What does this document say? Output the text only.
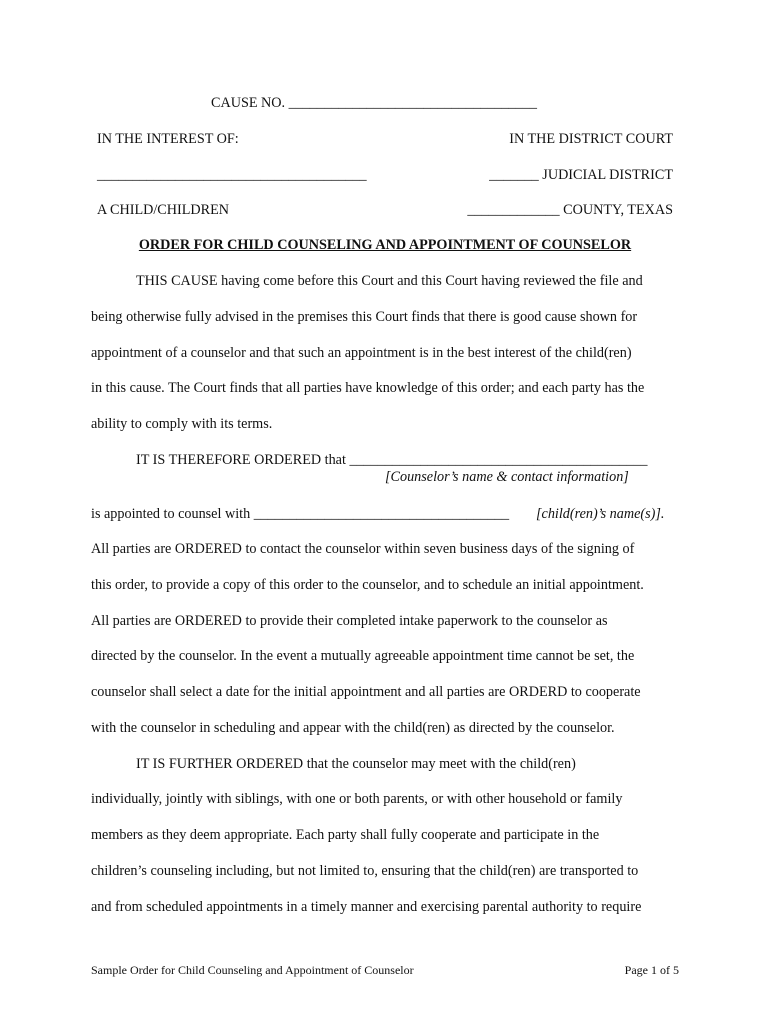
CAUSE NO. ___________________________________
IN THE INTEREST OF:	IN THE DISTRICT COURT
______________________________________	_______ JUDICIAL DISTRICT
A CHILD/CHILDREN	_____________ COUNTY, TEXAS
ORDER FOR CHILD COUNSELING AND APPOINTMENT OF COUNSELOR
THIS CAUSE having come before this Court and this Court having reviewed the file and
being otherwise fully advised in the premises this Court finds that there is good cause shown for
appointment of a counselor and that such an appointment is in the best interest of the child(ren)
in this cause. The Court finds that all parties have knowledge of this order; and each party has the
ability to comply with its terms.
IT IS THEREFORE ORDERED that __________________________________________
[Counselor’s name & contact information]
is appointed to counsel with ____________________________________ [child(ren)’s name(s)].
All parties are ORDERED to contact the counselor within seven business days of the signing of
this order, to provide a copy of this order to the counselor, and to schedule an initial appointment.
All parties are ORDERED to provide their completed intake paperwork to the counselor as
directed by the counselor. In the event a mutually agreeable appointment time cannot be set, the
counselor shall select a date for the initial appointment and all parties are ORDERD to cooperate
with the counselor in scheduling and appear with the child(ren) as directed by the counselor.
IT IS FURTHER ORDERED that the counselor may meet with the child(ren)
individually, jointly with siblings, with one or both parents, or with other household or family
members as they deem appropriate. Each party shall fully cooperate and participate in the
children’s counseling including, but not limited to, ensuring that the child(ren) are transported to
and from scheduled appointments in a timely manner and exercising parental authority to require
Sample Order for Child Counseling and Appointment of Counselor	Page 1 of 5
